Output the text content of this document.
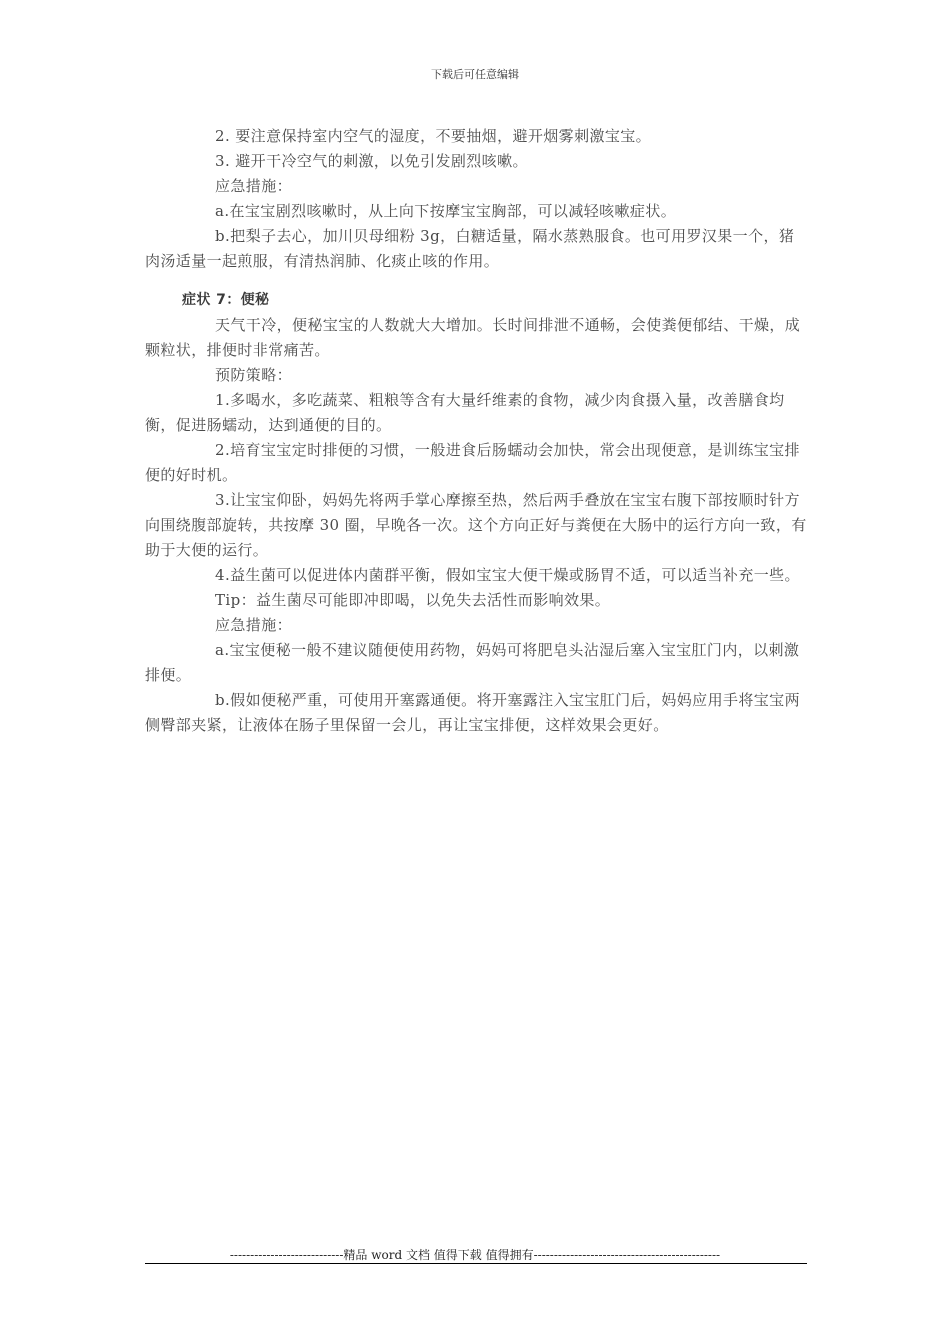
下载后可任意编辑

2. 要注意保持室内空气的湿度，不要抽烟，避开烟雾刺激宝宝。

3. 避开干冷空气的刺激，以免引发剧烈咳嗽。

应急措施：

a.在宝宝剧烈咳嗽时，从上向下按摩宝宝胸部，可以减轻咳嗽症状。

b.把梨子去心，加川贝母细粉 3g，白糖适量，隔水蒸熟服食。也可用罗汉果一个，猪肉汤适量一起煎服，有清热润肺、化痰止咳的作用。

症状 7：便秘

天气干冷，便秘宝宝的人数就大大增加。长时间排泄不通畅，会使粪便郁结、干燥，成颗粒状，排便时非常痛苦。

预防策略：

1.多喝水，多吃蔬菜、粗粮等含有大量纤维素的食物，减少肉食摄入量，改善膳食均衡，促进肠蠕动，达到通便的目的。

2.培育宝宝定时排便的习惯，一般进食后肠蠕动会加快，常会出现便意，是训练宝宝排便的好时机。

3.让宝宝仰卧，妈妈先将两手掌心摩擦至热，然后两手叠放在宝宝右腹下部按顺时针方向围绕腹部旋转，共按摩 30 圈，早晚各一次。这个方向正好与粪便在大肠中的运行方向一致，有助于大便的运行。

4.益生菌可以促进体内菌群平衡，假如宝宝大便干燥或肠胃不适，可以适当补充一些。

Tip：益生菌尽可能即冲即喝，以免失去活性而影响效果。

应急措施：

a.宝宝便秘一般不建议随便使用药物，妈妈可将肥皂头沾湿后塞入宝宝肛门内，以刺激排便。

b.假如便秘严重，可使用开塞露通便。将开塞露注入宝宝肛门后，妈妈应用手将宝宝两侧臀部夹紧，让液体在肠子里保留一会儿，再让宝宝排便，这样效果会更好。

----------------------------精品 word 文档 值得下载 值得拥有----------------------------------------------
